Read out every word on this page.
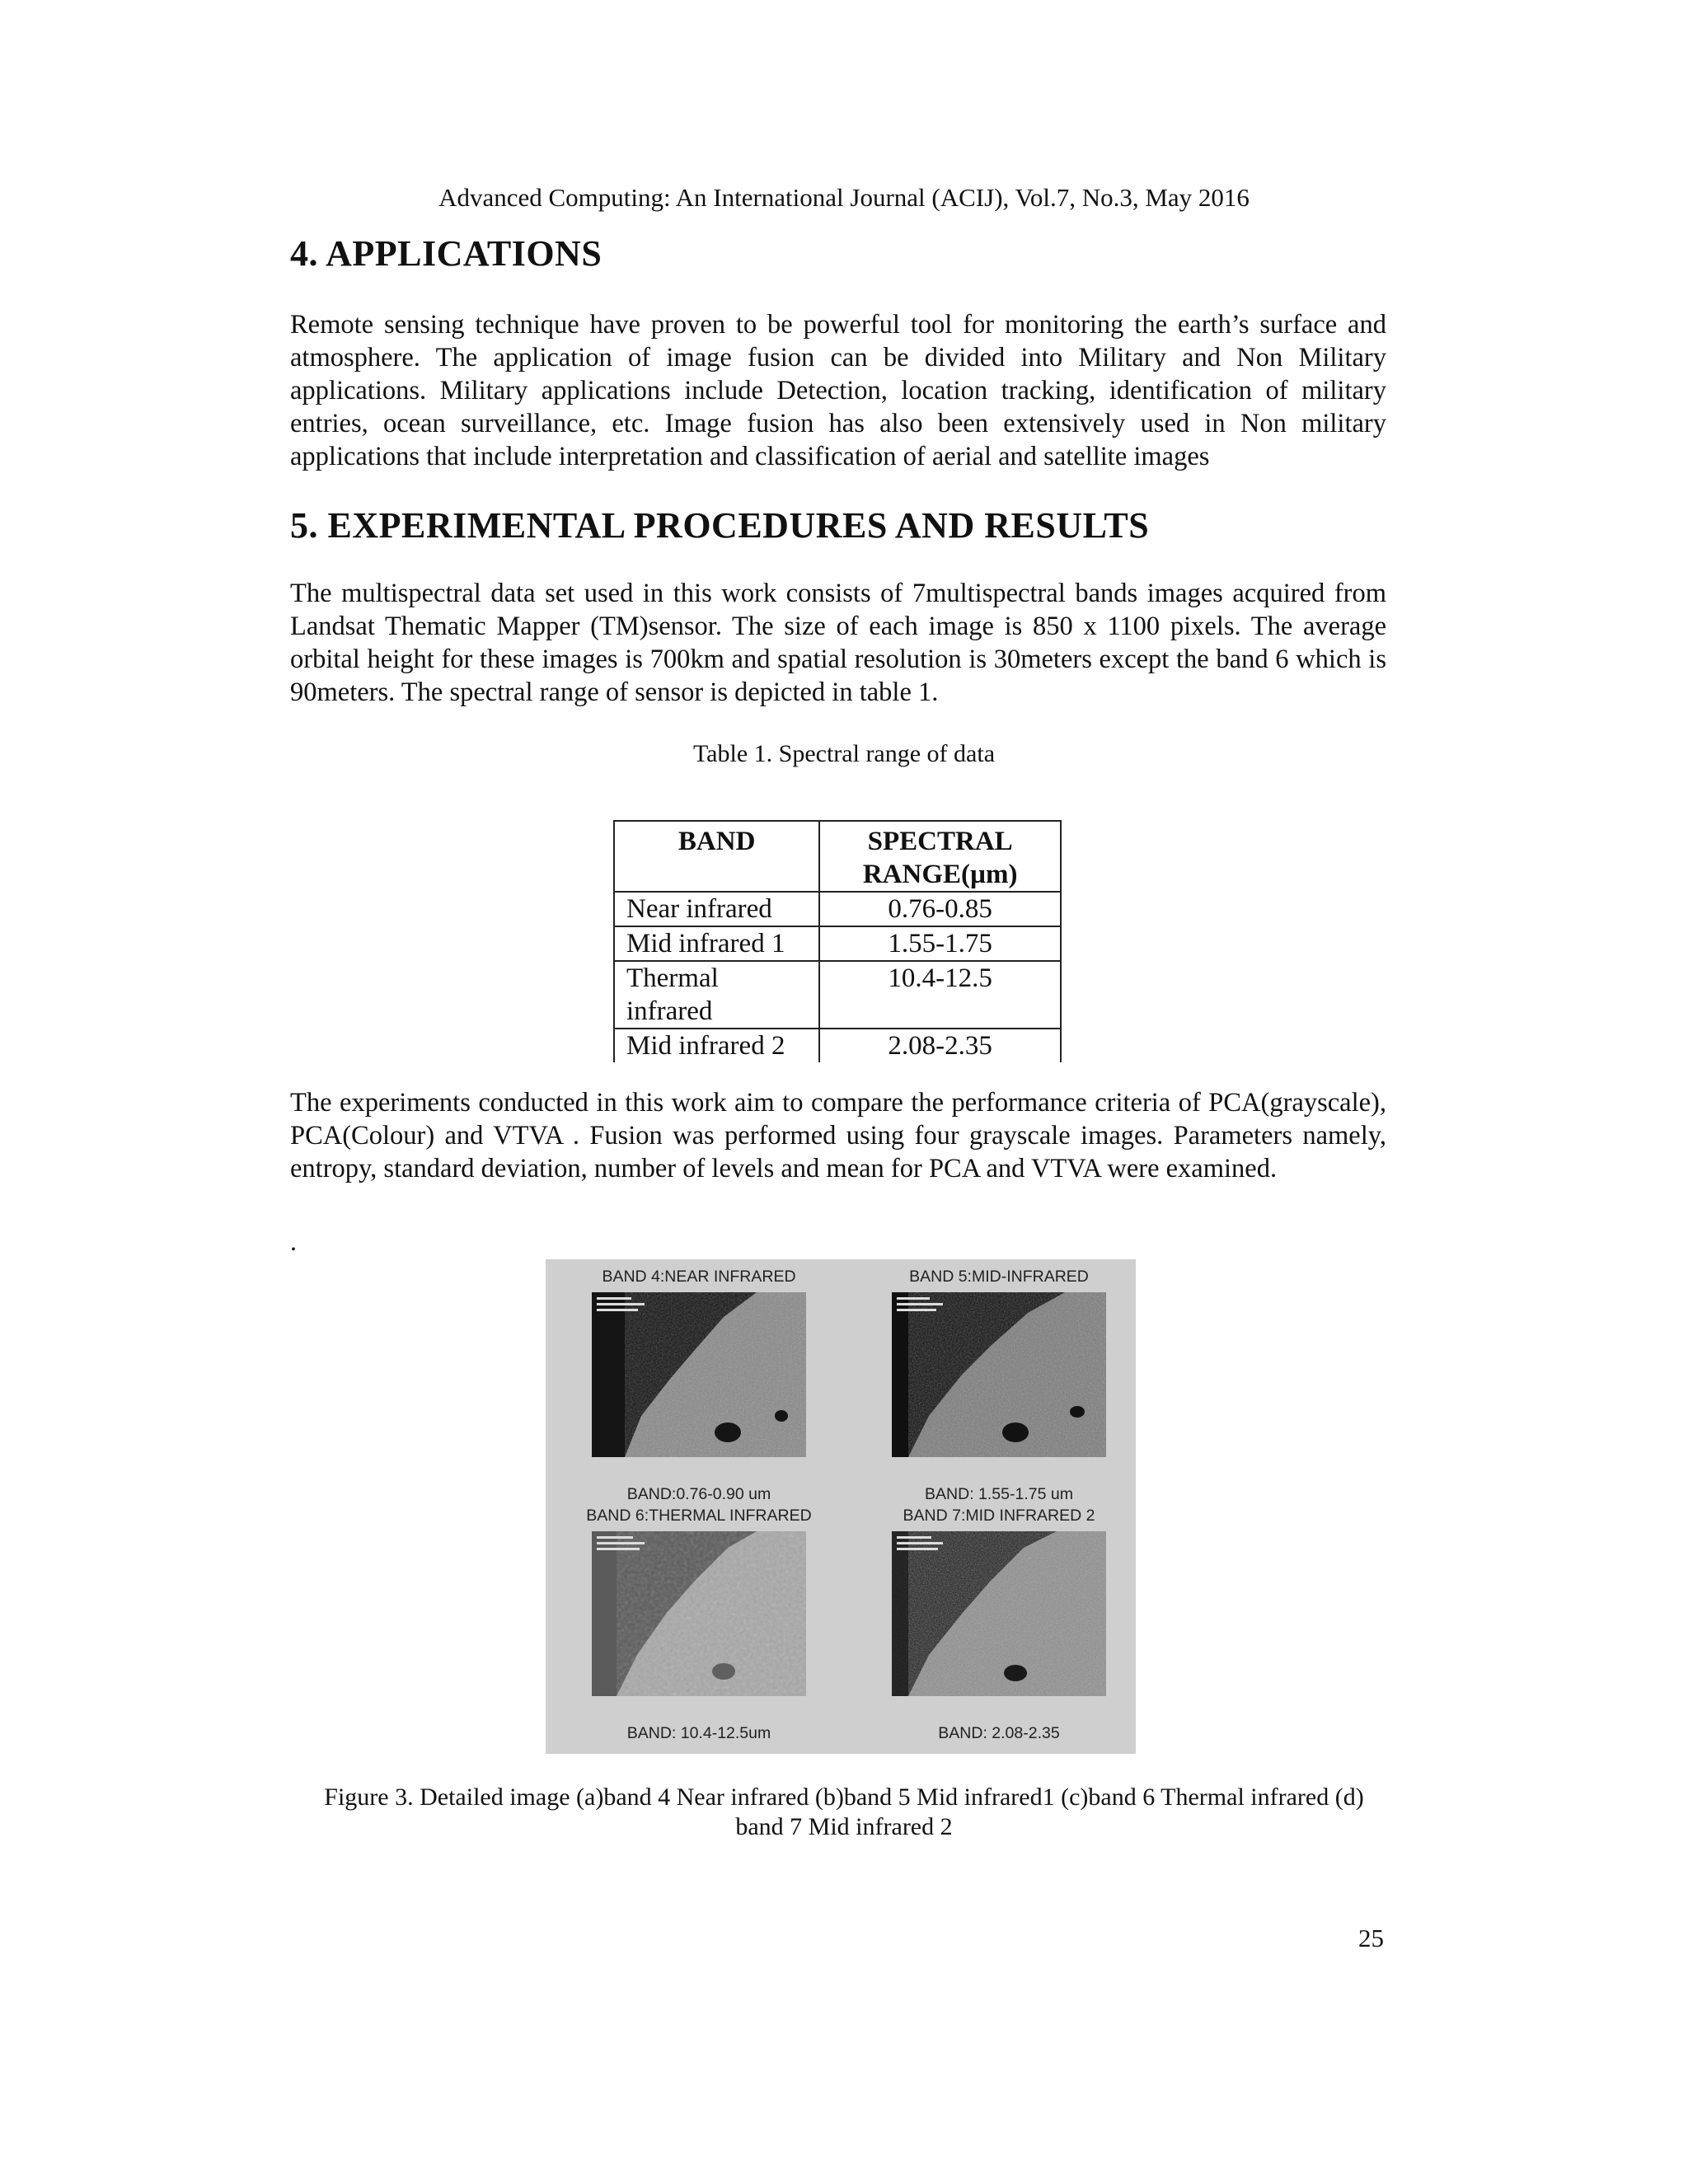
Advanced Computing: An International Journal (ACIJ), Vol.7, No.3, May 2016
4. APPLICATIONS

Remote sensing technique have proven to be powerful tool for monitoring the earth’s surface and atmosphere. The application of image fusion can be divided into Military and Non Military applications. Military applications include Detection, location tracking, identification of military entries, ocean surveillance, etc. Image fusion has also been extensively used in Non military applications that include interpretation and classification of aerial and satellite images

5. EXPERIMENTAL PROCEDURES AND RESULTS

The multispectral data set used in this work consists of 7multispectral bands images acquired from Landsat Thematic Mapper (TM)sensor. The size of each image is 850 x 1100 pixels. The average orbital height for these images is 700km and spatial resolution is 30meters except the band 6 which is 90meters. The spectral range of sensor is depicted in table 1.

Table 1. Spectral range of data
BAND	SPECTRAL RANGE(µm)
Near infrared	0.76-0.85
Mid infrared 1	1.55-1.75
Thermal infrared	10.4-12.5
Mid infrared 2	2.08-2.35

The experiments conducted in this work aim to compare the performance criteria of PCA(grayscale), PCA(Colour) and VTVA . Fusion was performed using four grayscale images. Parameters namely, entropy, standard deviation, number of levels and mean for PCA and VTVA were examined.

.
BAND 4:NEAR INFRARED
BAND:0.76-0.90 um
BAND 5:MID-INFRARED
BAND: 1.55-1.75 um
BAND 6:THERMAL INFRARED
BAND: 10.4-12.5um
BAND 7:MID INFRARED 2
BAND: 2.08-2.35
Figure 3. Detailed image (a)band 4 Near infrared (b)band 5 Mid infrared1 (c)band 6 Thermal infrared (d)
band 7 Mid infrared 2
25
